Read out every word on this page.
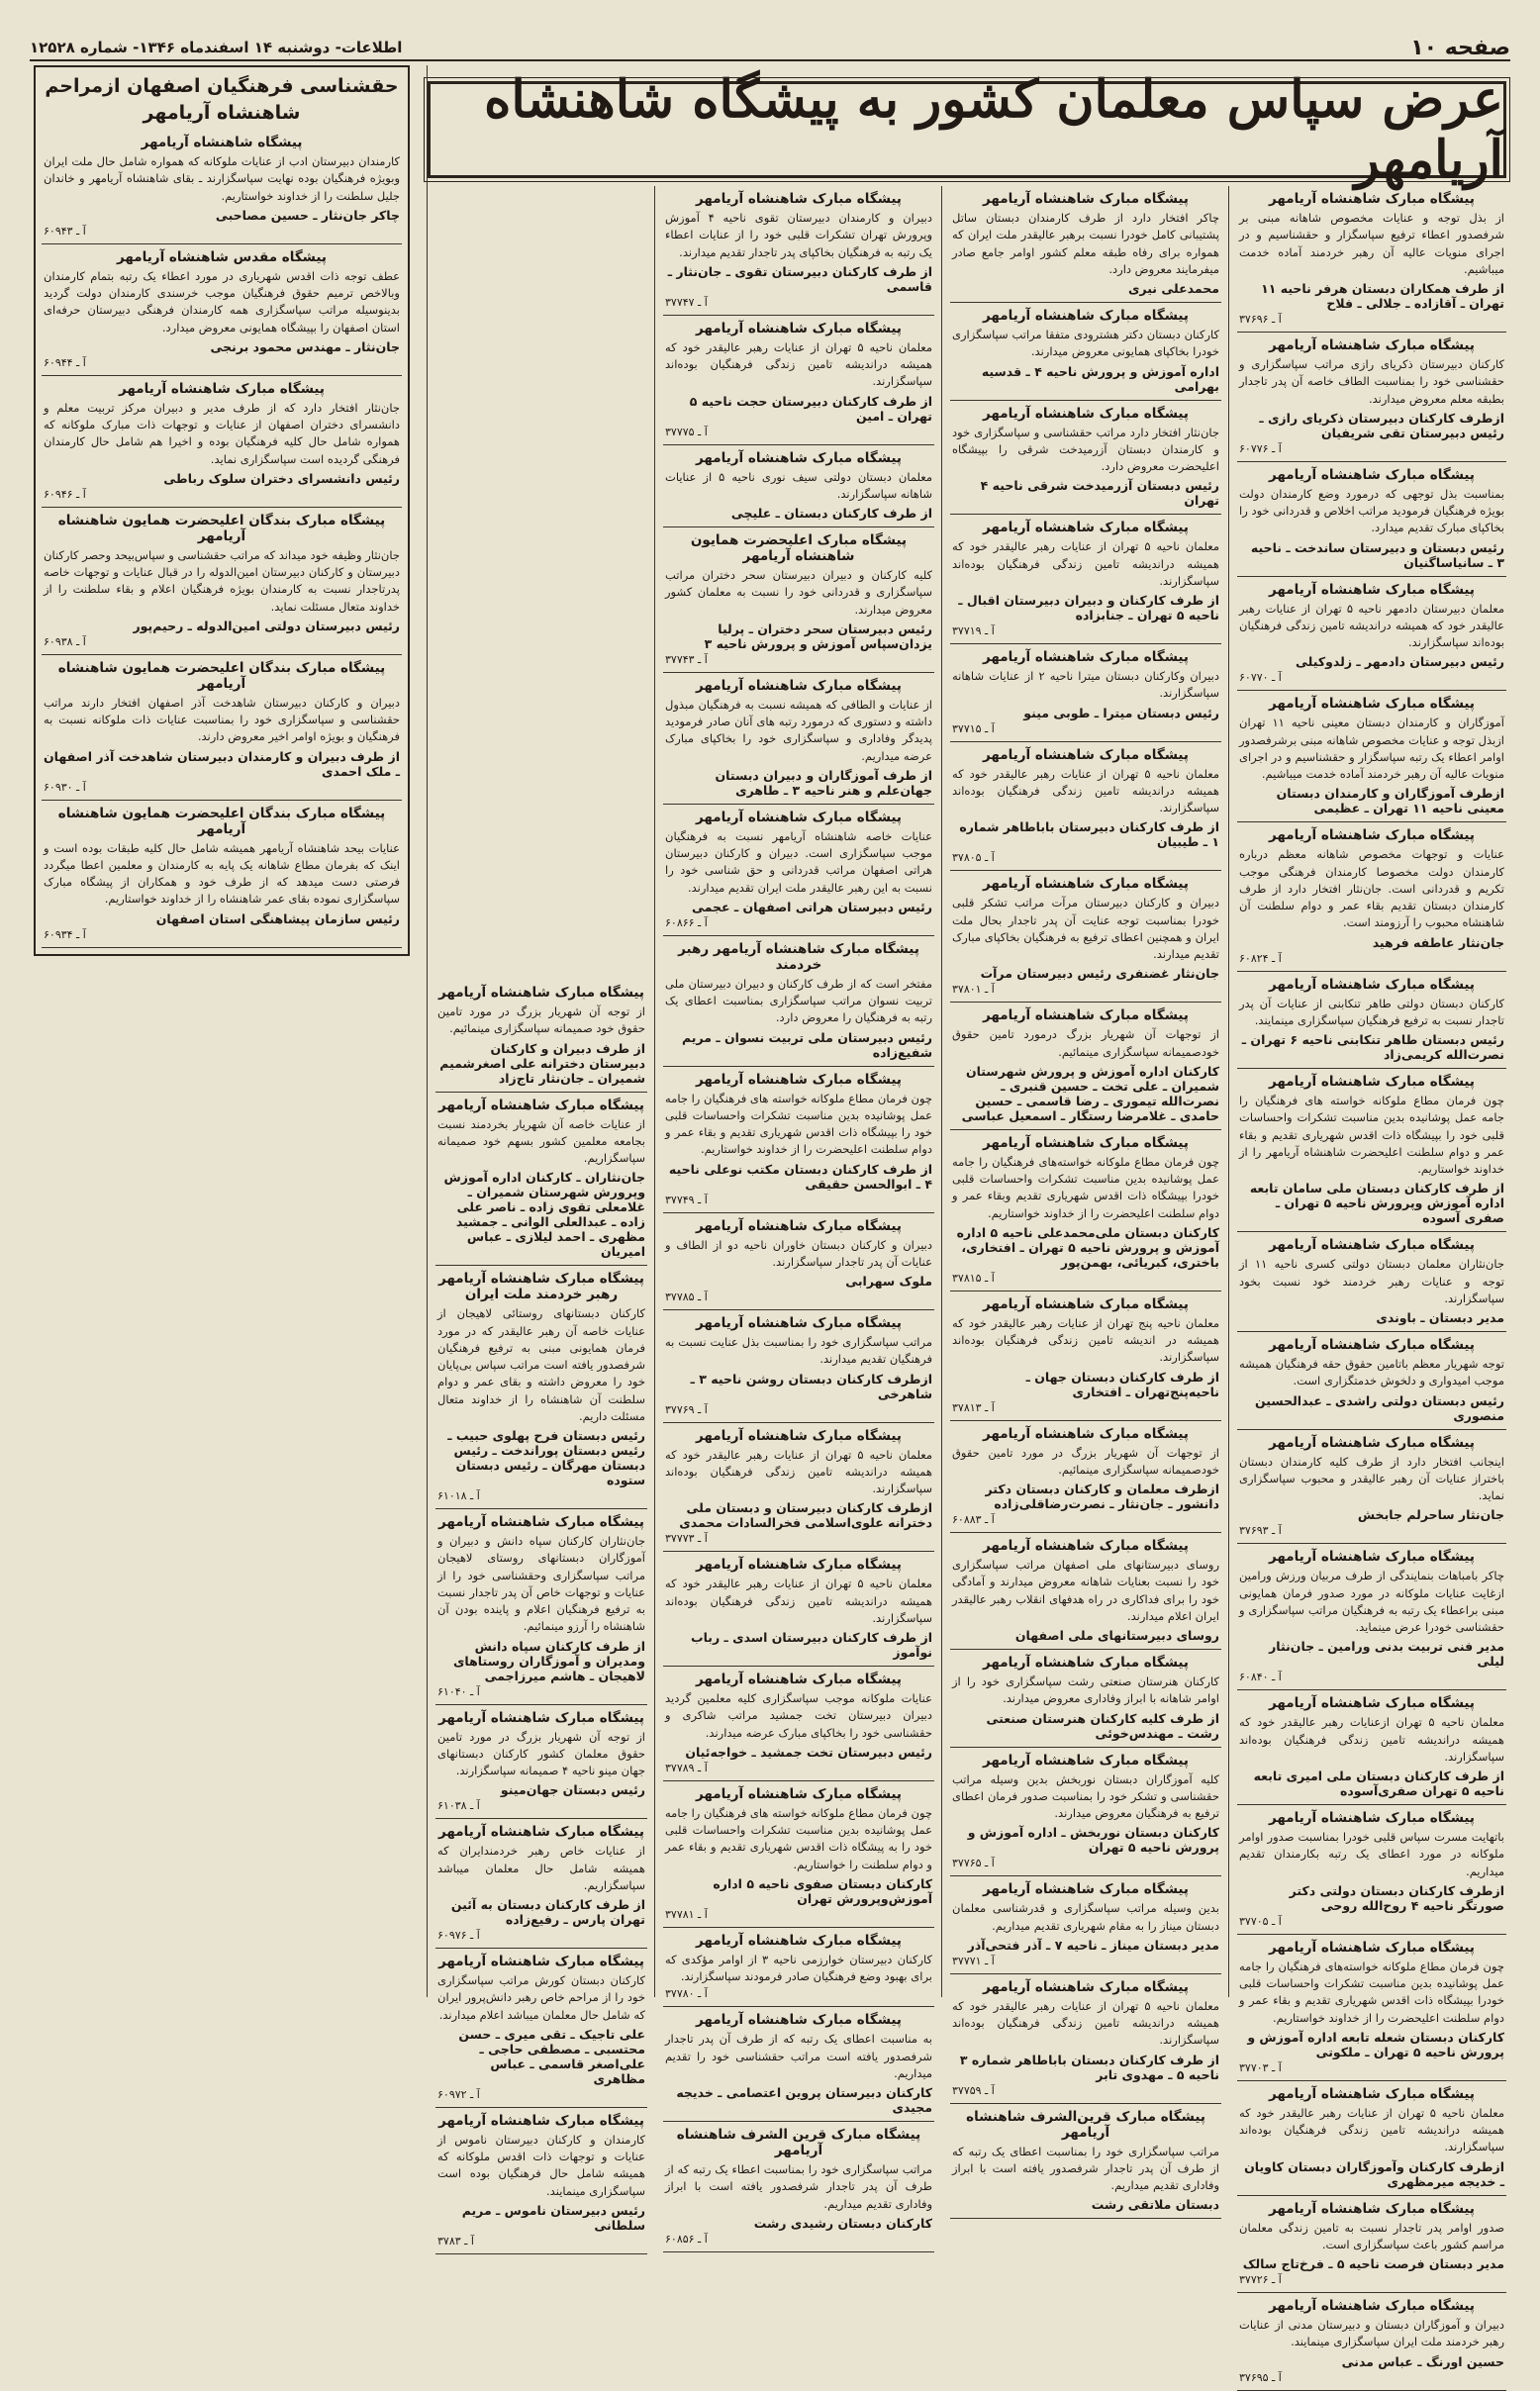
صفحه ۱۰
اطلاعات- دوشنبه ۱۴ اسفندماه ۱۳۴۶- شماره ۱۲۵۲۸
عرض سپاس معلمان کشور به پیشگاه شاهنشاه آریامهر
پیشگاه مبارک شاهنشاه آریامهر
از بذل توجه و عنایات مخصوص شاهانه مبنی بر شرفصدور اعطاء ترفیع سپاسگزار و حقشناسیم و در اجرای منویات عالیه آن رهبر خردمند آماده خدمت میباشیم.
از طرف همکاران دبستان هرفر ناحیه ۱۱ تهران ـ آقازاده ـ جلالی ـ فلاح
آ ـ ۳۷۶۹۶
پیشگاه مبارک شاهنشاه آریامهر
کارکنان دبیرستان ذکریای رازی مراتب سپاسگزاری و حقشناسی خود را بمناسبت الطاف خاصه آن پدر تاجدار بطبقه معلم معروض میدارند.
ازطرف کارکنان دبیرستان ذکریای رازی ـ رئیس دبیرستان تقی شریفیان
آ ـ ۶۰۷۷۶
پیشگاه مبارک شاهنشاه آریامهر
بمناسبت بذل توجهی که درمورد وضع کارمندان دولت بویژه فرهنگیان فرمودید مراتب اخلاص و قدردانی خود را بخاکپای مبارک تقدیم میدارد.
رئیس دبستان و دبیرستان ساندخت ـ ناحیه ۳ ـ سانیاساگنیان
پیشگاه مبارک شاهنشاه آریامهر
معلمان دبیرستان دادمهر ناحیه ۵ تهران از عنایات رهبر عالیقدر خود که همیشه دراندیشه تامین زندگی فرهنگیان بوده‌اند سپاسگزارند.
رئیس دبیرستان دادمهر ـ زلدوکیلی
آ ـ ۶۰۷۷۰
پیشگاه مبارک شاهنشاه آریامهر
آموزگاران و کارمندان دبستان معینی ناحیه ۱۱ تهران ازبذل توجه و عنایات مخصوص شاهانه مبنی برشرفصدور اوامر اعطاء یک رتبه سپاسگزار و حقشناسیم و در اجرای منویات عالیه آن رهبر خردمند آماده خدمت میباشیم.
ازطرف آموزگاران و کارمندان دبستان معینی ناحیه ۱۱ تهران ـ عظیمی
پیشگاه مبارک شاهنشاه آریامهر
عنایات و توجهات مخصوص شاهانه معظم درباره کارمندان دولت مخصوصا کارمندان فرهنگی موجب تکریم و قدردانی است. جان‌نثار افتخار دارد از طرف کارمندان دبستان تقدیم بقاء عمر و دوام سلطنت آن شاهنشاه محبوب را آرزومند است.
جان‌نثار عاطفه فرهید
آ ـ ۶۰۸۲۴
پیشگاه مبارک شاهنشاه آریامهر
کارکنان دبستان دولتی طاهر تنکابنی از عنایات آن پدر تاجدار نسبت به ترفیع فرهنگیان سپاسگزاری مینمایند.
رئیس دبستان طاهر تنکابنی ناحیه ۶ تهران ـ نصرت‌الله کریمی‌زاد
پیشگاه مبارک شاهنشاه آریامهر
چون فرمان مطاع ملوکانه خواسته های فرهنگیان را جامه عمل پوشانیده بدین مناسبت تشکرات واحساسات قلبی خود را بپیشگاه ذات اقدس شهریاری تقدیم و بقاء عمر و دوام سلطنت اعلیحضرت شاهنشاه آریامهر را از خداوند خواستاریم.
از طرف کارکنان دبستان ملی سامان تابعه اداره آموزش وپرورش ناحیه ۵ تهران ـ صفری آسوده
پیشگاه مبارک شاهنشاه آریامهر
جان‌نثاران معلمان دبستان دولتی کسری ناحیه ۱۱ از توجه و عنایات رهبر خردمند خود نسبت بخود سپاسگزارند.
مدیر دبستان ـ باوندی
پیشگاه مبارک شاهنشاه آریامهر
توجه شهریار معظم باتامین حقوق حقه فرهنگیان همیشه موجب امیدواری و دلخوش خدمتگزاری است.
رئیس دبستان دولتی راشدی ـ عبدالحسین منصوری
پیشگاه مبارک شاهنشاه آریامهر
اینجانب افتخار دارد از طرف کلیه کارمندان دبستان باختراز عنایات آن رهبر عالیقدر و محبوب سپاسگزاری نماید.
جان‌نثار ساحرلم جابخش
آ ـ ۳۷۶۹۳
پیشگاه مبارک شاهنشاه آریامهر
چاکر بامباهات بنمایندگی از طرف مربیان ورزش ورامین ازغایت عنایات ملوکانه در مورد صدور فرمان همایونی مبنی براعطاء یک رتبه به فرهنگیان مراتب سپاسگزاری و حقشناسی خودرا عرض مینماید.
مدیر فنی تربیت بدنی ورامین ـ جان‌نثار لیلی
آ ـ ۶۰۸۴۰
پیشگاه مبارک شاهنشاه آریامهر
معلمان ناحیه ۵ تهران ازعنایات رهبر عالیقدر خود که همیشه دراندیشه تامین زندگی فرهنگیان بوده‌اند سپاسگزارند.
از طرف کارکنان دبستان ملی امیری تابعه ناحیه ۵ تهران صفری‌آسوده
پیشگاه مبارک شاهنشاه آریامهر
باتهایت مسرت سپاس قلبی خودرا بمناسبت صدور اوامر ملوکانه در مورد اعطای یک رتبه بکارمندان تقدیم میداریم.
ازطرف کارکنان دبستان دولتی دکتر صورتگر ناحیه ۴ روح‌الله روحی
آ ـ ۳۷۷۰۵
پیشگاه مبارک شاهنشاه آریامهر
چون فرمان مطاع ملوکانه خواسته‌های فرهنگیان را جامه عمل پوشانیده بدین مناسبت تشکرات واحساسات قلبی خودرا بپیشگاه ذات اقدس شهریاری تقدیم و بقاء عمر و دوام سلطنت اعلیحضرت را از خداوند خواستاریم.
کارکنان دبستان شعله تابعه اداره آموزش و پرورش ناحیه ۵ تهران ـ ملکوتی
آ ـ ۳۷۷۰۳
پیشگاه مبارک شاهنشاه آریامهر
معلمان ناحیه ۵ تهران از عنایات رهبر عالیقدر خود که همیشه دراندیشه تامین زندگی فرهنگیان بوده‌اند سپاسگزارند.
ازطرف کارکنان وآموزگاران دبستان کاویان ـ خدیجه میرمظهری
پیشگاه مبارک شاهنشاه آریامهر
صدور اوامر پدر تاجدار نسبت به تامین زندگی معلمان مراسم کشور باعث سپاسگزاری است.
مدیر دبستان فرصت ناحیه ۵ ـ فرخ‌تاج سالک
آ ـ ۳۷۷۲۶
پیشگاه مبارک شاهنشاه آریامهر
دبیران و آموزگاران دبستان و دبیرستان مدنی از عنایات رهبر خردمند ملت ایران سپاسگزاری مینمایند.
حسین اورنگ ـ عباس مدنی
آ ـ ۳۷۶۹۵
پیشگاه مبارک شاهنشاه آریامهر
چاکر افتخار دارد از طرف کارمندان دبستان ساتل پشتیبانی کامل خودرا نسبت برهبر عالیقدر ملت ایران که همواره برای رفاه طبقه معلم کشور اوامر جامع صادر میفرمایند معروض دارد.
محمدعلی نیری
پیشگاه مبارک شاهنشاه آریامهر
کارکنان دبستان دکتر هشترودی متفقا مراتب سپاسگزاری خودرا بخاکپای همایونی معروض میدارند.
اداره آموزش و پرورش ناحیه ۴ ـ قدسیه بهرامی
پیشگاه مبارک شاهنشاه آریامهر
جان‌نثار افتخار دارد مراتب حقشناسی و سپاسگزاری خود و کارمندان دبستان آزرمیدخت شرقی را بپیشگاه اعلیحضرت معروض دارد.
رئیس دبستان آزرمیدخت شرقی ناحیه ۴ تهران
پیشگاه مبارک شاهنشاه آریامهر
معلمان ناحیه ۵ تهران از عنایات رهبر عالیقدر خود که همیشه دراندیشه تامین زندگی فرهنگیان بوده‌اند سپاسگزارند.
از طرف کارکنان و دبیران دبیرستان اقبال ـ ناحیه ۵ تهران ـ جنابزاده
آ ـ ۳۷۷۱۹
پیشگاه مبارک شاهنشاه آریامهر
دبیران وکارکنان دبستان میترا ناحیه ۲ از عنایات شاهانه سپاسگزارند.
رئیس دبستان میترا ـ طوبی مینو
آ ـ ۳۷۷۱۵
پیشگاه مبارک شاهنشاه آریامهر
معلمان ناحیه ۵ تهران از عنایات رهبر عالیقدر خود که همیشه دراندیشه تامین زندگی فرهنگیان بوده‌اند سپاسگزارند.
از طرف کارکنان دبیرستان باباطاهر شماره ۱ ـ طیبیان
آ ـ ۳۷۸۰۵
پیشگاه مبارک شاهنشاه آریامهر
دبیران و کارکنان دبیرستان مرآت مراتب تشکر قلبی خودرا بمناسبت توجه عنایت آن پدر تاجدار بحال ملت ایران و همچنین اعطای ترفیع به فرهنگیان بخاکپای مبارک تقدیم میدارند.
جان‌نثار غضنفری رئیس دبیرستان مرآت
آ ـ ۳۷۸۰۱
پیشگاه مبارک شاهنشاه آریامهر
از توجهات آن شهریار بزرگ درمورد تامین حقوق خودصمیمانه سپاسگزاری مینمائیم.
کارکنان اداره آموزش و پرورش شهرستان شمیران ـ علی تخت ـ حسین قنبری ـ نصرت‌الله تیموری ـ رضا قاسمی ـ حسین حامدی ـ غلامرضا رستگار ـ اسمعیل عباسی
پیشگاه مبارک شاهنشاه آریامهر
چون فرمان مطاع ملوکانه خواسته‌های فرهنگیان را جامه عمل پوشانیده بدین مناسبت تشکرات واحساسات قلبی خودرا بپیشگاه ذات اقدس شهریاری تقدیم وبقاء عمر و دوام سلطنت اعلیحضرت را از خداوند خواستاریم.
کارکنان دبستان ملی‌محمدعلی ناحیه ۵ اداره آموزش و پرورش ناحیه ۵ تهران ـ افتخاری، باختری، کبریائی، بهمن‌پور
آ ـ ۳۷۸۱۵
پیشگاه مبارک شاهنشاه آریامهر
معلمان ناحیه پنج تهران از عنایات رهبر عالیقدر خود که همیشه در اندیشه تامین زندگی فرهنگیان بوده‌اند سپاسگزارند.
از طرف کارکنان دبستان جهان ـ ناحیه‌پنج‌تهران ـ افتخاری
آ ـ ۳۷۸۱۳
پیشگاه مبارک شاهنشاه آریامهر
از توجهات آن شهریار بزرگ در مورد تامین حقوق خودصمیمانه سپاسگزاری مینمائیم.
ازطرف معلمان و کارکنان دبستان دکتر دانشور ـ جان‌نثار ـ نصرت‌رضاقلی‌زاده
آ ـ ۶۰۸۸۳
پیشگاه مبارک شاهنشاه آریامهر
روسای دبیرستانهای ملی اصفهان مراتب سپاسگزاری خود را نسبت بعنایات شاهانه معروض میدارند و آمادگی خود را برای فداکاری در راه هدفهای انقلاب رهبر عالیقدر ایران اعلام میدارند.
روسای دبیرستانهای ملی اصفهان
پیشگاه مبارک شاهنشاه آریامهر
کارکنان هنرستان صنعتی رشت سپاسگزاری خود را از اوامر شاهانه با ابراز وفاداری معروض میدارند.
از طرف کلیه کارکنان هنرستان صنعتی رشت ـ مهندس‌خوئی
پیشگاه مبارک شاهنشاه آریامهر
کلیه آموزگاران دبستان نوربخش بدین وسیله مراتب حقشناسی و تشکر خود را بمناسبت صدور فرمان اعطای ترفیع به فرهنگیان معروض میدارند.
کارکنان دبستان نوربخش ـ اداره آموزش و پرورش ناحیه ۵ تهران
آ ـ ۳۷۷۶۵
پیشگاه مبارک شاهنشاه آریامهر
بدین وسیله مراتب سپاسگزاری و قدرشناسی معلمان دبستان میناز را به مقام شهریاری تقدیم میداریم.
مدیر دبستان میناز ـ ناحیه ۷ ـ آذر فتحی‌آذر
آ ـ ۳۷۷۷۱
پیشگاه مبارک شاهنشاه آریامهر
معلمان ناحیه ۵ تهران از عنایات رهبر عالیقدر خود که همیشه دراندیشه تامین زندگی فرهنگیان بوده‌اند سپاسگزارند.
از طرف کارکنان دبستان باباطاهر شماره ۳ ناحیه ۵ ـ مهدوی تابر
آ ـ ۳۷۷۵۹
پیشگاه مبارک قرین‌الشرف شاهنشاه آریامهر
مراتب سپاسگزاری خود را بمناسبت اعطای یک رتبه که از طرف آن پدر تاجدار شرفصدور یافته است با ابراز وفاداری تقدیم میداریم.
دبستان ملاتقی رشت
پیشگاه مبارک شاهنشاه آریامهر
دبیران و کارمندان دبیرستان تقوی ناحیه ۴ آموزش وپرورش تهران تشکرات قلبی خود را از عنایات اعطاء یک رتبه به فرهنگیان بخاکپای پدر تاجدار تقدیم میدارند.
از طرف کارکنان دبیرستان تقوی ـ جان‌نثار ـ قاسمی
آ ـ ۳۷۷۴۷
پیشگاه مبارک شاهنشاه آریامهر
معلمان ناحیه ۵ تهران از عنایات رهبر عالیقدر خود که همیشه دراندیشه تامین زندگی فرهنگیان بوده‌اند سپاسگزارند.
از طرف کارکنان دبیرستان حجت ناحیه ۵ تهران ـ امین
آ ـ ۳۷۷۷۵
پیشگاه مبارک شاهنشاه آریامهر
معلمان دبستان دولتی سیف نوری ناحیه ۵ از عنایات شاهانه سپاسگزارند.
از طرف کارکنان دبستان ـ علیچی
پیشگاه مبارک اعلیحضرت همایون شاهنشاه آریامهر
کلیه کارکنان و دبیران دبیرستان سحر دختران مراتب سپاسگزاری و قدردانی خود را نسبت به معلمان کشور معروض میدارند.
رئیس دبیرستان سحر دختران ـ پرلیا یزدان‌سپاس آموزش و پرورش ناحیه ۳
آ ـ ۳۷۷۴۳
پیشگاه مبارک شاهنشاه آریامهر
از عنایات و الطافی که همیشه نسبت به فرهنگیان مبذول داشته و دستوری که درمورد رتبه های آنان صادر فرمودید پدیدگر وفاداری و سپاسگزاری خود را بخاکپای مبارک عرضه میداریم.
از طرف آموزگاران و دبیران دبستان جهان‌علم و هنر ناحیه ۳ ـ طاهری
پیشگاه مبارک شاهنشاه آریامهر
عنایات خاصه شاهنشاه آریامهر نسبت به فرهنگیان موجب سپاسگزاری است. دبیران و کارکنان دبیرستان هراتی اصفهان مراتب قدردانی و حق شناسی خود را نسبت به این رهبر عالیقدر ملت ایران تقدیم میدارند.
رئیس دبیرستان هراتی اصفهان ـ عجمی
آ ـ ۶۰۸۶۶
پیشگاه مبارک شاهنشاه آریامهر رهبر خردمند
مفتخر است که از طرف کارکنان و دبیران دبیرستان ملی تربیت نسوان مراتب سپاسگزاری بمناسبت اعطای یک رتبه به فرهنگیان را معروض دارد.
رئیس دبیرستان ملی تربیت نسوان ـ مریم شفیع‌زاده
پیشگاه مبارک شاهنشاه آریامهر
چون فرمان مطاع ملوکانه خواسته های فرهنگیان را جامه عمل پوشانیده بدین مناسبت تشکرات واحساسات قلبی خود را بپیشگاه ذات اقدس شهریاری تقدیم و بقاء عمر و دوام سلطنت اعلیحضرت را از خداوند خواستاریم.
از طرف کارکنان دبستان مکتب نوعلی ناحیه ۴ ـ ابوالحسن حقیقی
آ ـ ۳۷۷۴۹
پیشگاه مبارک شاهنشاه آریامهر
دبیران و کارکنان دبستان خاوران ناحیه دو از الطاف و عنایات آن پدر تاجدار سپاسگزارند.
ملوک سهرابی
آ ـ ۳۷۷۸۵
پیشگاه مبارک شاهنشاه آریامهر
مراتب سپاسگزاری خود را بمناسبت بذل عنایت نسبت به فرهنگیان تقدیم میدارند.
ازطرف کارکنان دبستان روشن ناحیه ۳ ـ شاهرخی
آ ـ ۳۷۷۶۹
پیشگاه مبارک شاهنشاه آریامهر
معلمان ناحیه ۵ تهران از عنایات رهبر عالیقدر خود که همیشه دراندیشه تامین زندگی فرهنگیان بوده‌اند سپاسگزارند.
ازطرف کارکنان دبیرستان و دبستان ملی دخترانه علوی‌اسلامی فخرالسادات محمدی
آ ـ ۳۷۷۷۳
پیشگاه مبارک شاهنشاه آریامهر
معلمان ناحیه ۵ تهران از عنایات رهبر عالیقدر خود که همیشه دراندیشه تامین زندگی فرهنگیان بوده‌اند سپاسگزارند.
از طرف کارکنان دبیرستان اسدی ـ رباب نوآموز
پیشگاه مبارک شاهنشاه آریامهر
عنایات ملوکانه موجب سپاسگزاری کلیه معلمین گردید دبیران دبیرستان تخت جمشید مراتب شاکری و حقشناسی خود را بخاکپای مبارک عرضه میدارند.
رئیس دبیرستان تخت جمشید ـ خواجه‌ئیان
آ ـ ۳۷۷۸۹
پیشگاه مبارک شاهنشاه آریامهر
چون فرمان مطاع ملوکانه خواسته های فرهنگیان را جامه عمل پوشانیده بدین مناسبت تشکرات واحساسات قلبی خود را به پیشگاه ذات اقدس شهریاری تقدیم و بقاء عمر و دوام سلطنت را خواستاریم.
کارکنان دبستان صفوی ناحیه ۵ اداره آموزش‌وپرورش تهران
آ ـ ۳۷۷۸۱
پیشگاه مبارک شاهنشاه آریامهر
کارکنان دبیرستان خوارزمی ناحیه ۳ از اوامر مؤکدی که برای بهبود وضع فرهنگیان صادر فرمودند سپاسگزارند.
آ ـ ۳۷۷۸۰
پیشگاه مبارک شاهنشاه آریامهر
به مناسبت اعطای یک رتبه که از طرف آن پدر تاجدار شرفصدور یافته است مراتب حقشناسی خود را تقدیم میداریم.
کارکنان دبیرستان پروین اعتصامی ـ خدیجه مجیدی
پیشگاه مبارک قرین الشرف شاهنشاه آریامهر
مراتب سپاسگزاری خود را بمناسبت اعطاء یک رتبه که از طرف آن پدر تاجدار شرفصدور یافته است با ابراز وفاداری تقدیم میداریم.
کارکنان دبستان رشیدی رشت
آ ـ ۶۰۸۵۶
پیشگاه مبارک شاهنشاه آریامهر
از توجه آن شهریار بزرگ در مورد تامین حقوق خود صمیمانه سپاسگزاری مینمائیم.
از طرف دبیران و کارکنان دبیرستان دخترانه علی اصغرشمیم شمیران ـ جان‌نثار تاج‌زاد
پیشگاه مبارک شاهنشاه آریامهر
از عنایات خاصه آن شهریار بخردمند نسبت بجامعه معلمین کشور بسهم خود صمیمانه سپاسگزاریم.
جان‌نثاران ـ کارکنان اداره آموزش وپرورش شهرستان شمیران ـ غلامعلی تقوی زاده ـ ناصر علی زاده ـ عبدالعلی الوانی ـ جمشید مظهری ـ احمد لیلازی ـ عباس امیریان
پیشگاه مبارک شاهنشاه آریامهر رهبر خردمند ملت ایران
کارکنان دبستانهای روستائی لاهیجان از عنایات خاصه آن رهبر عالیقدر که در مورد فرمان همایونی مبنی به ترفیع فرهنگیان شرفصدور یافته است مراتب سپاس بی‌پایان خود را معروض داشته و بقای عمر و دوام سلطنت آن شاهنشاه را از خداوند متعال مسئلت داریم.
رئیس دبستان فرح پهلوی حبیب ـ رئیس دبستان پوراندخت ـ رئیس دبستان مهرگان ـ رئیس دبستان ستوده
آ ـ ۶۱۰۱۸
پیشگاه مبارک شاهنشاه آریامهر
جان‌نثاران کارکنان سپاه دانش و دبیران و آموزگاران دبستانهای روستای لاهیجان مراتب سپاسگزاری وحقشناسی خود را از عنایات و توجهات خاص آن پدر تاجدار نسبت به ترفیع فرهنگیان اعلام و پاینده بودن آن شاهنشاه را آرزو مینمائیم.
از طرف کارکنان سپاه دانش ومدیران و آموزگاران روستاهای لاهیجان ـ هاشم میرزاجمی
آ ـ ۶۱۰۴۰
پیشگاه مبارک شاهنشاه آریامهر
از توجه آن شهریار بزرگ در مورد تامین حقوق معلمان کشور کارکنان دبستانهای جهان مینو ناحیه ۴ صمیمانه سپاسگزارند.
رئیس دبستان جهان‌مینو
آ ـ ۶۱۰۳۸
پیشگاه مبارک شاهنشاه آریامهر
از عنایات خاص رهبر خردمندایران که همیشه شامل حال معلمان میباشد سپاسگزاریم.
از طرف کارکنان دبستان به آئین تهران پارس ـ رفیع‌زاده
آ ـ ۶۰۹۷۶
پیشگاه مبارک شاهنشاه آریامهر
کارکنان دبستان کورش مراتب سپاسگزاری خود را از مراحم خاص رهبر دانش‌پرور ایران که شامل حال معلمان میباشد اعلام میدارند.
علی تاجیک ـ تقی میری ـ حسن محتسبی ـ مصطفی حاجی ـ علی‌اصغر قاسمی ـ عباس مظاهری
آ ـ ۶۰۹۷۲
پیشگاه مبارک شاهنشاه آریامهر
کارمندان و کارکنان دبیرستان ناموس از عنایات و توجهات ذات اقدس ملوکانه که همیشه شامل حال فرهنگیان بوده است سپاسگزاری مینمایند.
رئیس دبیرستان ناموس ـ مریم سلطانی
آ ـ ۳۷۸۳
حقشناسی فرهنگیان اصفهان ازمراحم شاهنشاه آریامهر
پیشگاه شاهنشاه آریامهر
کارمندان دبیرستان ادب از عنایات ملوکانه که همواره شامل حال ملت ایران وبویژه فرهنگیان بوده نهایت سپاسگزارند ـ بقای شاهنشاه آریامهر و خاندان جلیل سلطنت را از خداوند خواستاریم.
چاکر جان‌نثار ـ حسین مصاحبی
آ ـ ۶۰۹۴۳
پیشگاه مقدس شاهنشاه آریامهر
عطف توجه ذات اقدس شهریاری در مورد اعطاء یک رتبه بتمام کارمندان وبالاخص ترمیم حقوق فرهنگیان موجب خرسندی کارمندان دولت گردید بدینوسیله مراتب سپاسگزاری همه کارمندان فرهنگی دبیرستان حرفه‌ای استان اصفهان را بپیشگاه همایونی معروض میدارد.
جان‌نثار ـ مهندس محمود برنجی
آ ـ ۶۰۹۴۴
پیشگاه مبارک شاهنشاه آریامهر
جان‌نثار افتخار دارد که از طرف مدیر و دبیران مرکز تربیت معلم و دانشسرای دختران اصفهان از عنایات و توجهات ذات مبارک ملوکانه که همواره شامل حال کلیه فرهنگیان بوده و اخیرا هم شامل حال کارمندان فرهنگی گردیده است سپاسگزاری نماید.
رئیس دانشسرای دختران سلوک رباطی
آ ـ ۶۰۹۴۶
پیشگاه مبارک بندگان اعلیحضرت همایون شاهنشاه آریامهر
جان‌نثار وظیفه خود میداند که مراتب حقشناسی و سپاس‌بیحد وحصر کارکنان دبیرستان و کارکنان دبیرستان امین‌الدوله را در قبال عنایات و توجهات خاصه پدرتاجدار نسبت به کارمندان بویژه فرهنگیان اعلام و بقاء سلطنت را از خداوند متعال مسئلت نماید.
رئیس دبیرستان دولتی امین‌الدوله ـ رحیم‌پور
آ ـ ۶۰۹۳۸
پیشگاه مبارک بندگان اعلیحضرت همایون شاهنشاه آریامهر
دبیران و کارکنان دبیرستان شاهدخت آذر اصفهان افتخار دارند مراتب حقشناسی و سپاسگزاری خود را بمناسبت عنایات ذات ملوکانه نسبت به فرهنگیان و بویژه اوامر اخیر معروض دارند.
از طرف دبیران و کارمندان دبیرستان شاهدخت آذر اصفهان ـ ملک احمدی
آ ـ ۶۰۹۳۰
پیشگاه مبارک بندگان اعلیحضرت همایون شاهنشاه آریامهر
عنایات بیحد شاهنشاه آریامهر همیشه شامل حال کلیه طبقات بوده است و اینک که بفرمان مطاع شاهانه یک پایه به کارمندان و معلمین اعطا میگردد فرصتی دست میدهد که از طرف خود و همکاران از پیشگاه مبارک سپاسگزاری نموده بقای عمر شاهنشاه را از خداوند خواستاریم.
رئیس سازمان پیشاهنگی استان اصفهان
آ ـ ۶۰۹۳۴
